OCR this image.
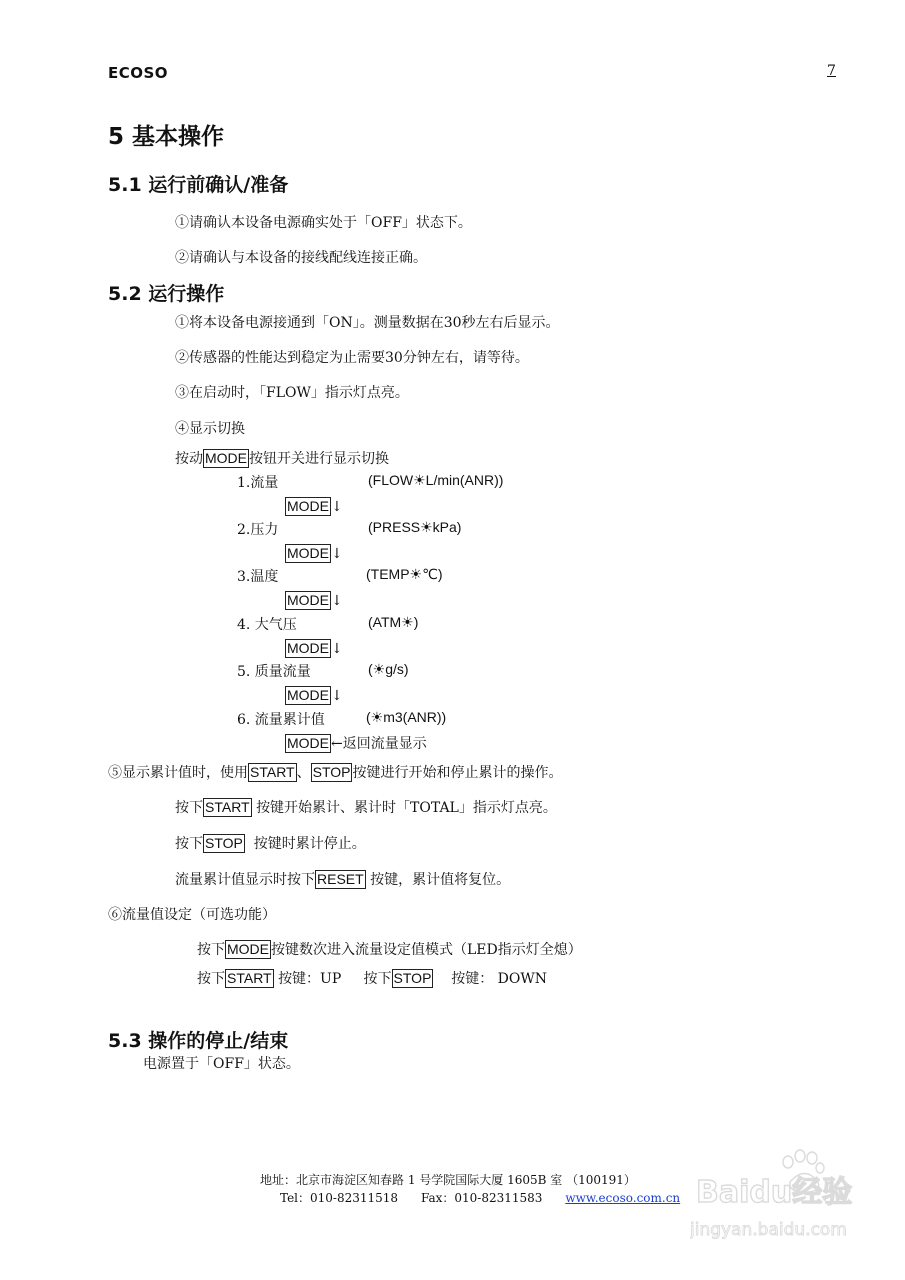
ECOSO	7
5 基本操作
5.1 运行前确认/准备
①请确认本设备电源确实处于「OFF」状态下。
②请确认与本设备的接线配线连接正确。
5.2 运行操作
①将本设备电源接通到「ON」。测量数据在30秒左右后显示。
②传感器的性能达到稳定为止需要30分钟左右，请等待。
③在启动时，「FLOW」指示灯点亮。
④显示切换
按动 MODE 按钮开关进行显示切换
1.流量	(FLOW☀L/min(ANR))
MODE ↓
2.压力	(PRESS☀kPa)
MODE ↓
3.温度	(TEMP☀℃)
MODE ↓
4. 大气压	(ATM☀)
MODE ↓
5. 质量流量	(☀g/s)
MODE ↓
6. 流量累计值	(☀m3(ANR))
MODE ←返回流量显示
⑤显示累计值时，使用 START 、 STOP 按键进行开始和停止累计的操作。
按下 START 按键开始累计、累计时「TOTAL」指示灯点亮。
按下 STOP 按键时累计停止。
流量累计值显示时按下 RESET 按键，累计值将复位。
⑥流量值设定（可选功能）
按下 MODE 按键数次进入流量设定值模式（LED指示灯全熄）
按下 START 按键：UP 按下 STOP 按键： DOWN
5.3 操作的停止/结束
电源置于「OFF」状态。
地址：北京市海淀区知春路 1 号学院国际大厦 1605B 室 （100191）
Tel：010-82311518 Fax：010-82311583 www.ecoso.com.cn Baidu经验
jingyan.baidu.com
